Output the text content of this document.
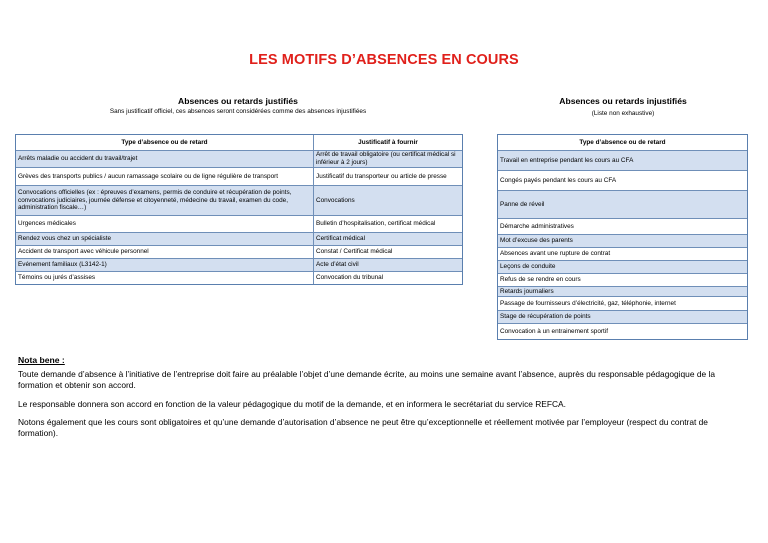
LES MOTIFS D’ABSENCES EN COURS
Absences ou retards justifiés
Sans justificatif officiel, ces absences seront considérées comme des absences injustifiées
Absences ou retards injustifiés
(Liste non exhaustive)
Type d’absence ou de retard	Justificatif à fournir
Arrêts maladie ou accident du travail/trajet	Arrêt de travail obligatoire (ou certificat médical si inférieur à 2 jours)
Grèves des transports publics / aucun ramassage scolaire ou de ligne régulière de transport	Justificatif du transporteur ou article de presse
Convocations officielles (ex : épreuves d’examens, permis de conduire et récupération de points, convocations judiciaires, journée défense et citoyenneté, médecine du travail, examen du code, administration fiscale…)	Convocations
Urgences médicales	Bulletin d’hospitalisation, certificat médical
Rendez vous chez un spécialiste	Certificat médical
Accident de transport avec véhicule personnel	Constat / Certificat médical
Evénement familiaux (L3142-1)	Acte d’état civil
Témoins ou jurés d’assises	Convocation du tribunal
Type d’absence ou de retard
Travail en entreprise pendant les cours au CFA
Congés payés pendant les cours au CFA
Panne de réveil
Démarche administratives
Mot d’excuse des parents
Absences avant une rupture de contrat
Leçons de conduite
Refus de se rendre en cours
Retards journaliers
Passage de fournisseurs d’électricité, gaz, téléphonie, internet
Stage de récupération de points
Convocation à un entrainement sportif
Nota bene :
Toute demande d’absence à l’initiative de l’entreprise doit faire au préalable l’objet d’une demande écrite, au moins une semaine avant l’absence, auprès du responsable pédagogique de la formation et obtenir son accord.
Le responsable donnera son accord en fonction de la valeur pédagogique du motif de la demande, et en informera le secrétariat du service REFCA.
Notons également que les cours sont obligatoires et qu’une demande d’autorisation d’absence ne peut être qu’exceptionnelle et réellement motivée par l’employeur (respect du contrat de formation).
